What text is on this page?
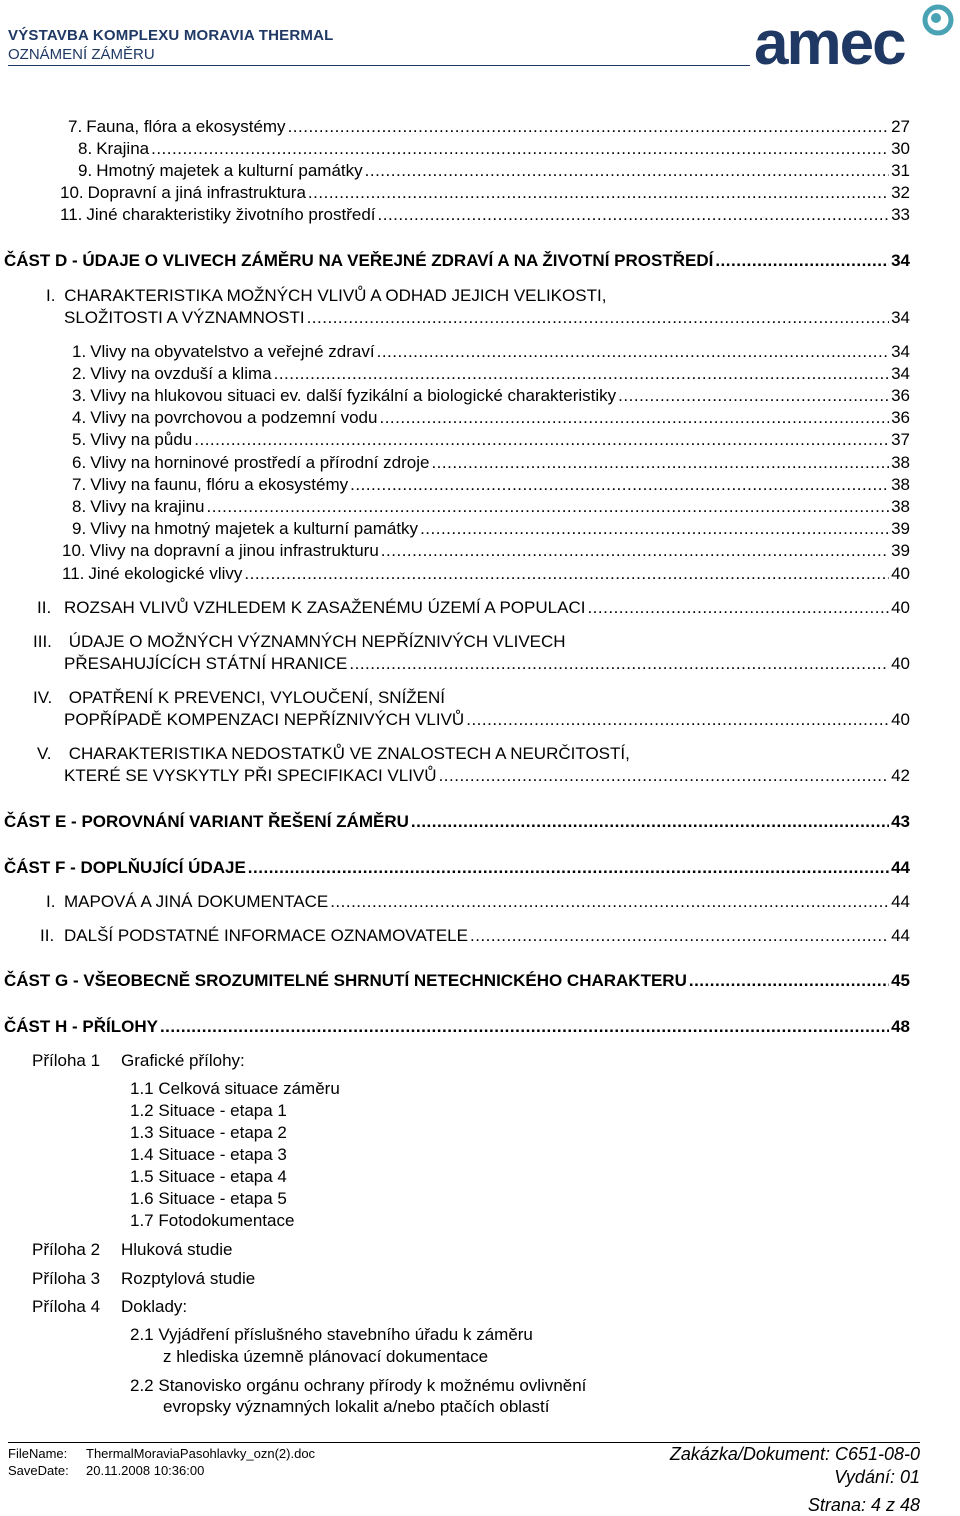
VÝSTAVBA KOMPLEXU MORAVIA THERMAL
OZNÁMENÍ ZÁMĚRU	amec
7. Fauna, flóra a ekosystémy .....	27
8. Krajina .....	30
9. Hmotný majetek a kulturní památky .....	31
10. Dopravní a jiná infrastruktura .....	32
11. Jiné charakteristiky životního prostředí .....	33
ČÁST D - ÚDAJE O VLIVECH ZÁMĚRU NA VEŘEJNÉ ZDRAVÍ A NA ŽIVOTNÍ PROSTŘEDÍ .....	34
I. CHARAKTERISTIKA MOŽNÝCH VLIVŮ A ODHAD JEJICH VELIKOSTI,
SLOŽITOSTI A VÝZNAMNOSTI .....	34
1. Vlivy na obyvatelstvo a veřejné zdraví .....	34
2. Vlivy na ovzduší a klima .....	34
3. Vlivy na hlukovou situaci ev. další fyzikální a biologické charakteristiky .....	36
4. Vlivy na povrchovou a podzemní vodu .....	36
5. Vlivy na půdu .....	37
6. Vlivy na horninové prostředí a přírodní zdroje .....	38
7. Vlivy na faunu, flóru a ekosystémy .....	38
8. Vlivy na krajinu .....	38
9. Vlivy na hmotný majetek a kulturní památky .....	39
10. Vlivy na dopravní a jinou infrastrukturu .....	39
11. Jiné ekologické vlivy .....	40
II. ROZSAH VLIVŮ VZHLEDEM K ZASAŽENÉMU ÚZEMÍ A POPULACI .....	40
III. ÚDAJE O MOŽNÝCH VÝZNAMNÝCH NEPŘÍZNIVÝCH VLIVECH
PŘESAHUJÍCÍCH STÁTNÍ HRANICE .....	40
IV. OPATŘENÍ K PREVENCI, VYLOUČENÍ, SNÍŽENÍ
POPŘÍPADĚ KOMPENZACI NEPŘÍZNIVÝCH VLIVŮ .....	40
V. CHARAKTERISTIKA NEDOSTATKŮ VE ZNALOSTECH A NEURČITOSTÍ,
KTERÉ SE VYSKYTLY PŘI SPECIFIKACI VLIVŮ .....	42
ČÁST E - POROVNÁNÍ VARIANT ŘEŠENÍ ZÁMĚRU .....	43
ČÁST F - DOPLŇUJÍCÍ ÚDAJE .....	44
I. MAPOVÁ A JINÁ DOKUMENTACE .....	44
II. DALŠÍ PODSTATNÉ INFORMACE OZNAMOVATELE .....	44
ČÁST G - VŠEOBECNĚ SROZUMITELNÉ SHRNUTÍ NETECHNICKÉHO CHARAKTERU .....	45
ČÁST H - PŘÍLOHY .....	48
Příloha 1 Grafické přílohy:
1.1 Celková situace záměru
1.2 Situace - etapa 1
1.3 Situace - etapa 2
1.4 Situace - etapa 3
1.5 Situace - etapa 4
1.6 Situace - etapa 5
1.7 Fotodokumentace
Příloha 2 Hluková studie
Příloha 3 Rozptylová studie
Příloha 4 Doklady:
2.1 Vyjádření příslušného stavebního úřadu k záměru
z hlediska územně plánovací dokumentace
2.2 Stanovisko orgánu ochrany přírody k možnému ovlivnění
evropsky významných lokalit a/nebo ptačích oblastí
FileName: ThermalMoraviaPasohlavky_ozn(2).doc
SaveDate: 20.11.2008 10:36:00
Zakázka/Dokument: C651-08-0
Vydání: 01
Strana: 4 z 48
